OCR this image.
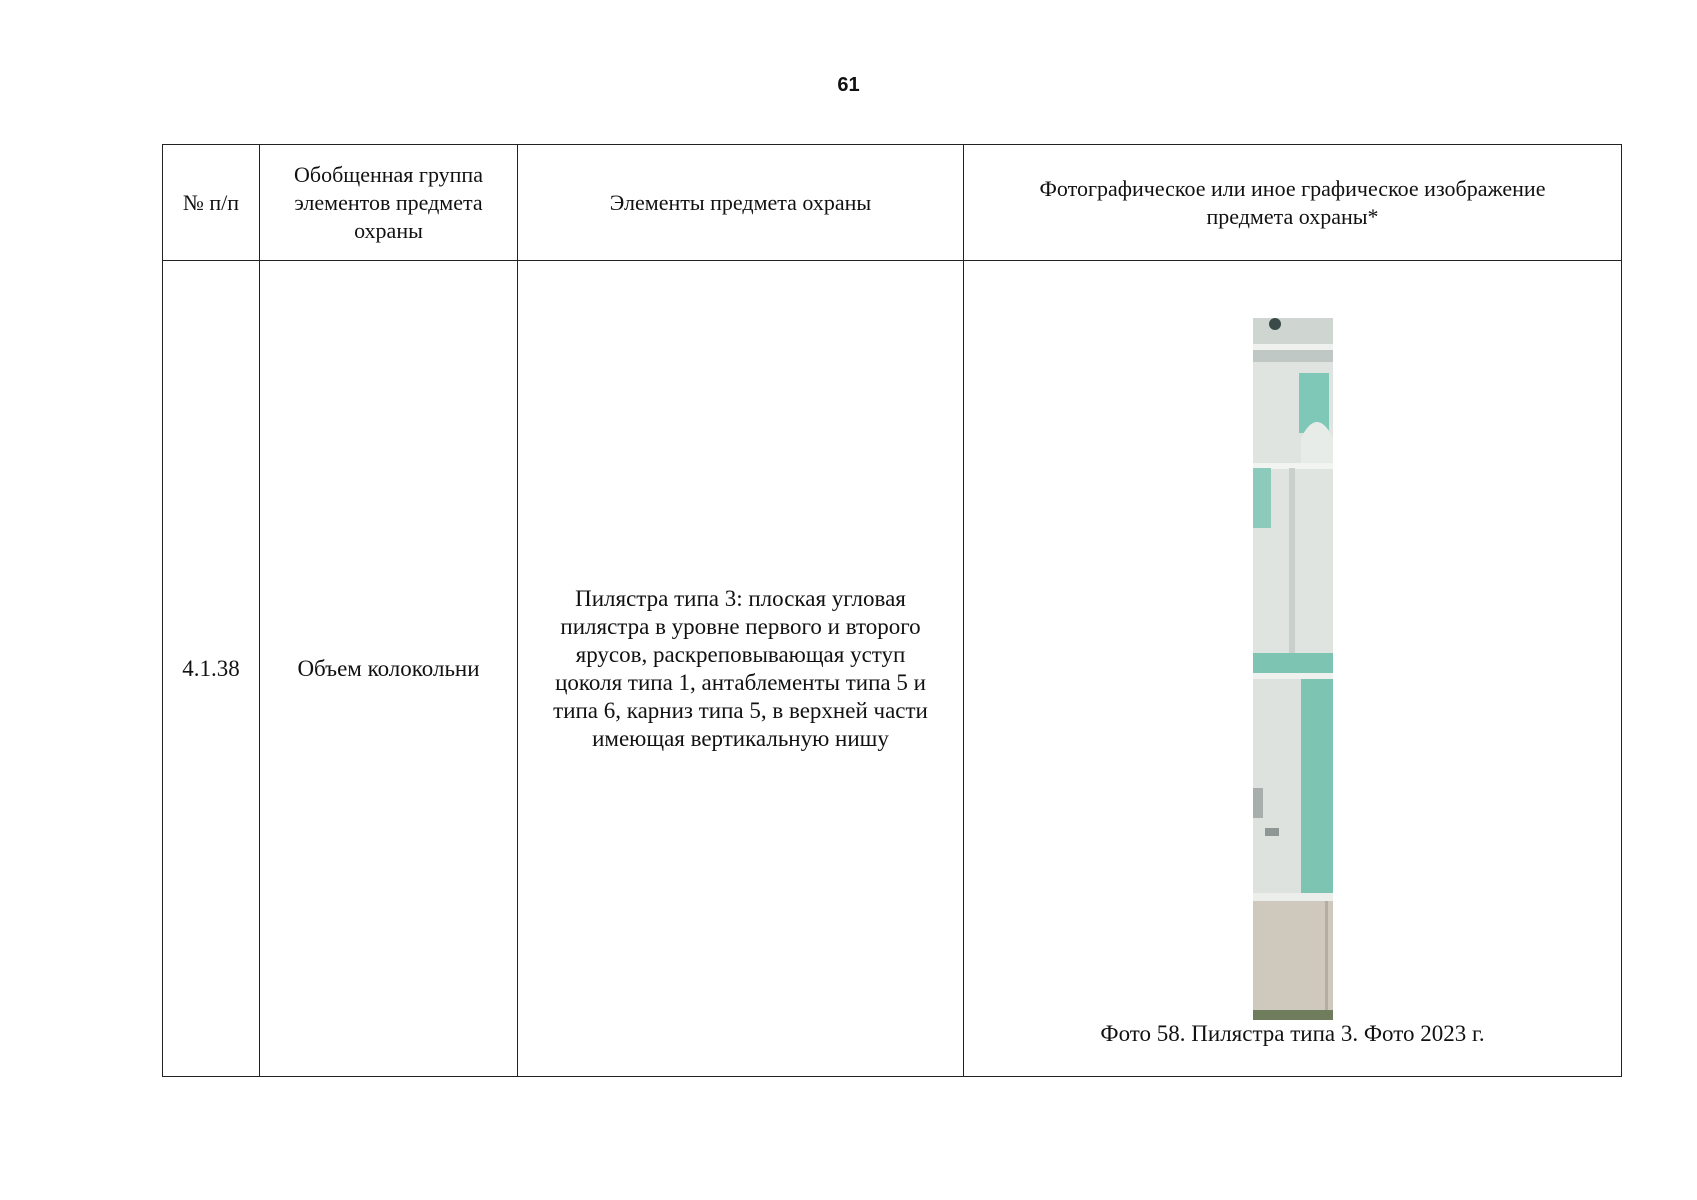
61
№ п/п	Обобщенная группа элементов предмета охраны	Элементы предмета охраны	Фотографическое или иное графическое изображение предмета охраны*
4.1.38	Объем колокольни	Пилястра типа 3: плоская угловая пилястра в уровне первого и второго ярусов, раскреповывающая уступ цоколя типа 1, антаблементы типа 5 и типа 6, карниз типа 5, в верхней части имеющая вертикальную нишу	Фото 58. Пилястра типа 3. Фото 2023 г.
